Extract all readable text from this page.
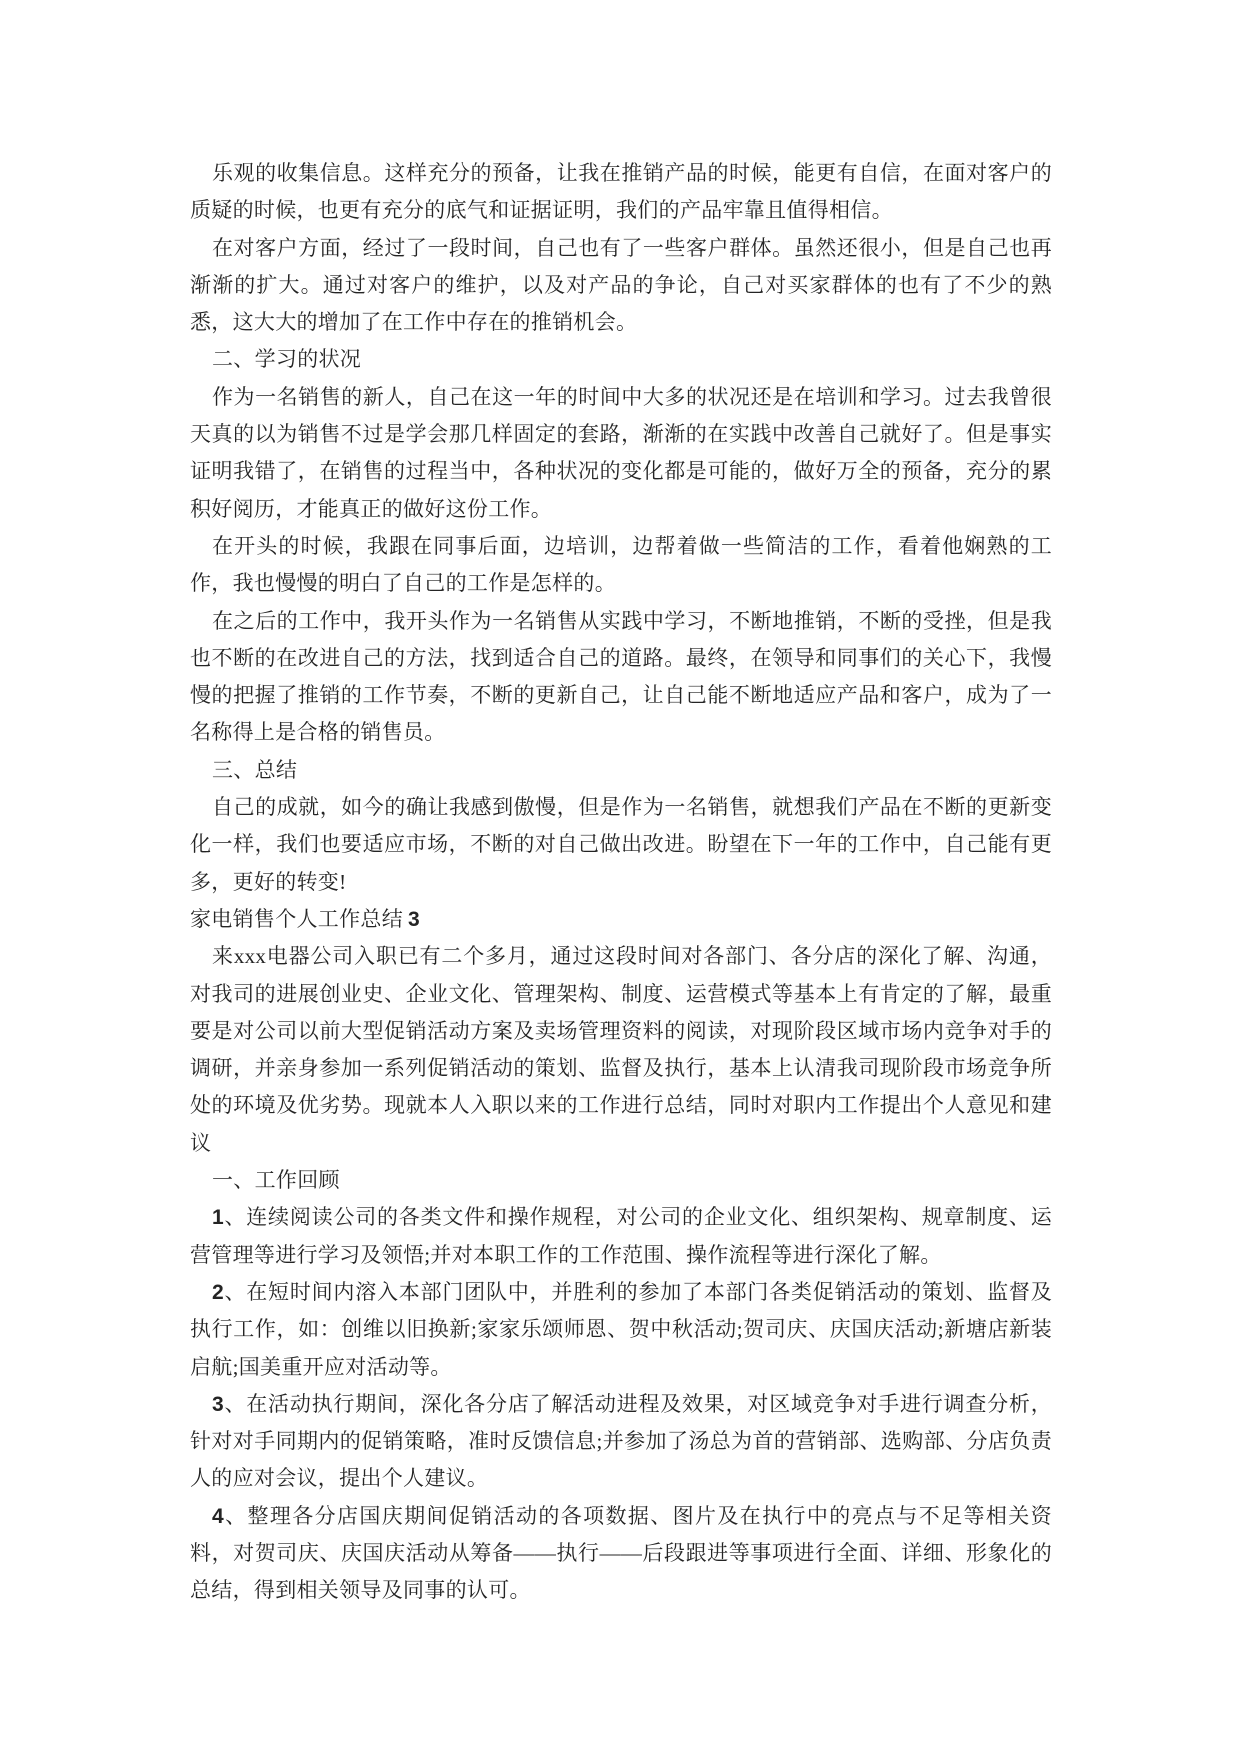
乐观的收集信息。这样充分的预备，让我在推销产品的时候，能更有自信，在面对客户的质疑的时候，也更有充分的底气和证据证明，我们的产品牢靠且值得相信。

在对客户方面，经过了一段时间，自己也有了一些客户群体。虽然还很小，但是自己也再渐渐的扩大。通过对客户的维护，以及对产品的争论，自己对买家群体的也有了不少的熟悉，这大大的增加了在工作中存在的推销机会。

二、学习的状况

作为一名销售的新人，自己在这一年的时间中大多的状况还是在培训和学习。过去我曾很天真的以为销售不过是学会那几样固定的套路，渐渐的在实践中改善自己就好了。但是事实证明我错了，在销售的过程当中，各种状况的变化都是可能的，做好万全的预备，充分的累积好阅历，才能真正的做好这份工作。

在开头的时候，我跟在同事后面，边培训，边帮着做一些简洁的工作，看着他娴熟的工作，我也慢慢的明白了自己的工作是怎样的。

在之后的工作中，我开头作为一名销售从实践中学习，不断地推销，不断的受挫，但是我也不断的在改进自己的方法，找到适合自己的道路。最终，在领导和同事们的关心下，我慢慢的把握了推销的工作节奏，不断的更新自己，让自己能不断地适应产品和客户，成为了一名称得上是合格的销售员。

三、总结

自己的成就，如今的确让我感到傲慢，但是作为一名销售，就想我们产品在不断的更新变化一样，我们也要适应市场，不断的对自己做出改进。盼望在下一年的工作中，自己能有更多，更好的转变!

家电销售个人工作总结 3

来xxx电器公司入职已有二个多月，通过这段时间对各部门、各分店的深化了解、沟通，对我司的进展创业史、企业文化、管理架构、制度、运营模式等基本上有肯定的了解，最重要是对公司以前大型促销活动方案及卖场管理资料的阅读，对现阶段区域市场内竞争对手的调研，并亲身参加一系列促销活动的策划、监督及执行，基本上认清我司现阶段市场竞争所处的环境及优劣势。现就本人入职以来的工作进行总结，同时对职内工作提出个人意见和建议

一、工作回顾

1、连续阅读公司的各类文件和操作规程，对公司的企业文化、组织架构、规章制度、运营管理等进行学习及领悟;并对本职工作的工作范围、操作流程等进行深化了解。

2、在短时间内溶入本部门团队中，并胜利的参加了本部门各类促销活动的策划、监督及执行工作，如：创维以旧换新;家家乐颂师恩、贺中秋活动;贺司庆、庆国庆活动;新塘店新装启航;国美重开应对活动等。

3、在活动执行期间，深化各分店了解活动进程及效果，对区域竞争对手进行调查分析，针对对手同期内的促销策略，准时反馈信息;并参加了汤总为首的营销部、选购部、分店负责人的应对会议，提出个人建议。

4、整理各分店国庆期间促销活动的各项数据、图片及在执行中的亮点与不足等相关资料，对贺司庆、庆国庆活动从筹备——执行——后段跟进等事项进行全面、详细、形象化的总结，得到相关领导及同事的认可。
